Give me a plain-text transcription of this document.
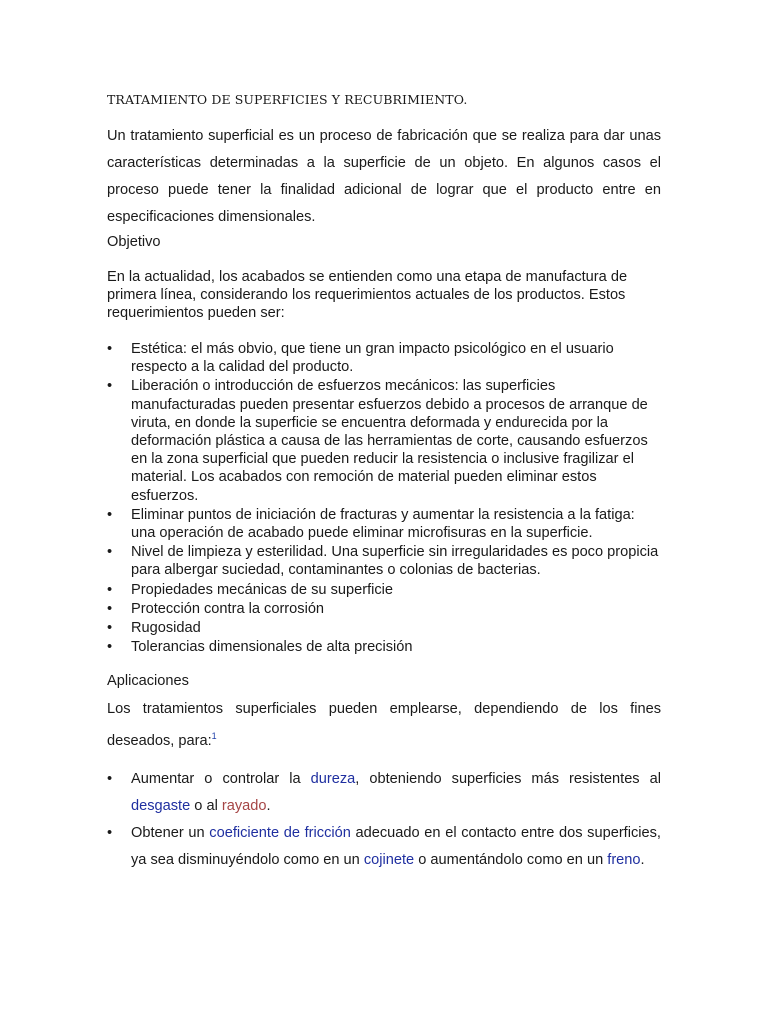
TRATAMIENTO DE SUPERFICIES Y RECUBRIMIENTO.
Un tratamiento superficial es un proceso de fabricación que se realiza para dar unas características determinadas a la superficie de un objeto. En algunos casos el proceso puede tener la finalidad adicional de lograr que el producto entre en especificaciones dimensionales.
Objetivo
En la actualidad, los acabados se entienden como una etapa de manufactura de primera línea, considerando los requerimientos actuales de los productos. Estos requerimientos pueden ser:
•	Estética: el más obvio, que tiene un gran impacto psicológico en el usuario respecto a la calidad del producto.
•	Liberación o introducción de esfuerzos mecánicos: las superficies manufacturadas pueden presentar esfuerzos debido a procesos de arranque de viruta, en donde la superficie se encuentra deformada y endurecida por la deformación plástica a causa de las herramientas de corte, causando esfuerzos en la zona superficial que pueden reducir la resistencia o inclusive fragilizar el material. Los acabados con remoción de material pueden eliminar estos esfuerzos.
•	Eliminar puntos de iniciación de fracturas y aumentar la resistencia a la fatiga: una operación de acabado puede eliminar microfisuras en la superficie.
•	Nivel de limpieza y esterilidad. Una superficie sin irregularidades es poco propicia para albergar suciedad, contaminantes o colonias de bacterias.
•	Propiedades mecánicas de su superficie
•	Protección contra la corrosión
•	Rugosidad
•	Tolerancias dimensionales de alta precisión
Aplicaciones
Los tratamientos superficiales pueden emplearse, dependiendo de los fines deseados, para:$^1$
• Aumentar o controlar la dureza, obteniendo superficies más resistentes al desgaste o al rayado.
• Obtener un coeficiente de fricción adecuado en el contacto entre dos superficies, ya sea disminuyéndolo como en un cojinete o aumentándolo como en un freno.
